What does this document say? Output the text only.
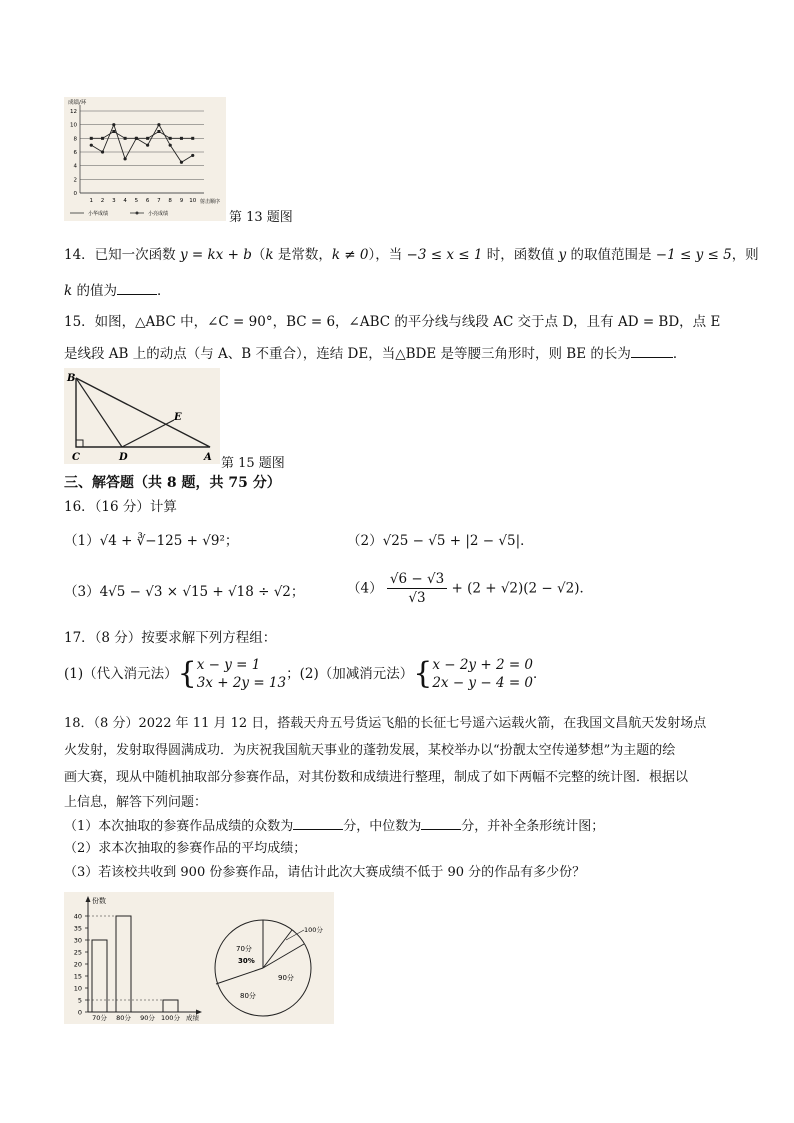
成绩/环
0
2
4
6
8
10
12
1 2 3 4 5 6 7 8 9 10 射击顺序
小华成绩	小亮成绩	第 13 题图
14．已知一次函数 y = kx + b（k 是常数，k ≠ 0），当 −3 ≤ x ≤ 1 时，函数值 y 的取值范围是 −1 ≤ y ≤ 5，则
k 的值为	．
15．如图，△ABC 中，∠C = 90°，BC = 6，∠ABC 的平分线与线段 AC 交于点 D，且有 AD = BD，点 E
是线段 AB 上的动点（与 A、B 不重合），连结 DE，当△BDE 是等腰三角形时，则 BE 的长为	．
B
C	D
E
A 第 15 题图
三、解答题（共 8 题，共 75 分）
16．（16 分）计算
（1）√4 + ∛−125 + √9²；	（2）√25 − √5 + |2 − √5|．
（3）4√5 − √3 × √15 + √18 ÷ √2；	$(4) \frac{√6 - √3}{√3} + (2 + √2)(2 - √2)$．
17．（8 分）按要求解下列方程组：
(1)（代入消元法）{ x − y = 1
3x + 2y = 13
；(2)（加减消元法）{ x − 2y + 2 = 0
2x − y − 4 = 0
．
18．（8 分）2022 年 11 月 12 日，搭载天舟五号货运飞船的长征七号遥六运载火箭，在我国文昌航天发射场点
火发射，发射取得圆满成功．为庆祝我国航天事业的蓬勃发展，某校举办以“扮靓太空传递梦想”为主题的绘
画大赛，现从中随机抽取部分参赛作品，对其份数和成绩进行整理，制成了如下两幅不完整的统计图．根据以
上信息，解答下列问题：
（1）本次抽取的参赛作品成绩的众数为	分，中位数为	分，并补全条形统计图；
（2）求本次抽取的参赛作品的平均成绩；
（3）若该校共收到 900 份参赛作品，请估计此次大赛成绩不低于 90 分的作品有多少份？
份数
成绩
0
5
10
15
20
25
30
35
40
70分 80分 90分 100分
70分
30%
80分
90分
100分
